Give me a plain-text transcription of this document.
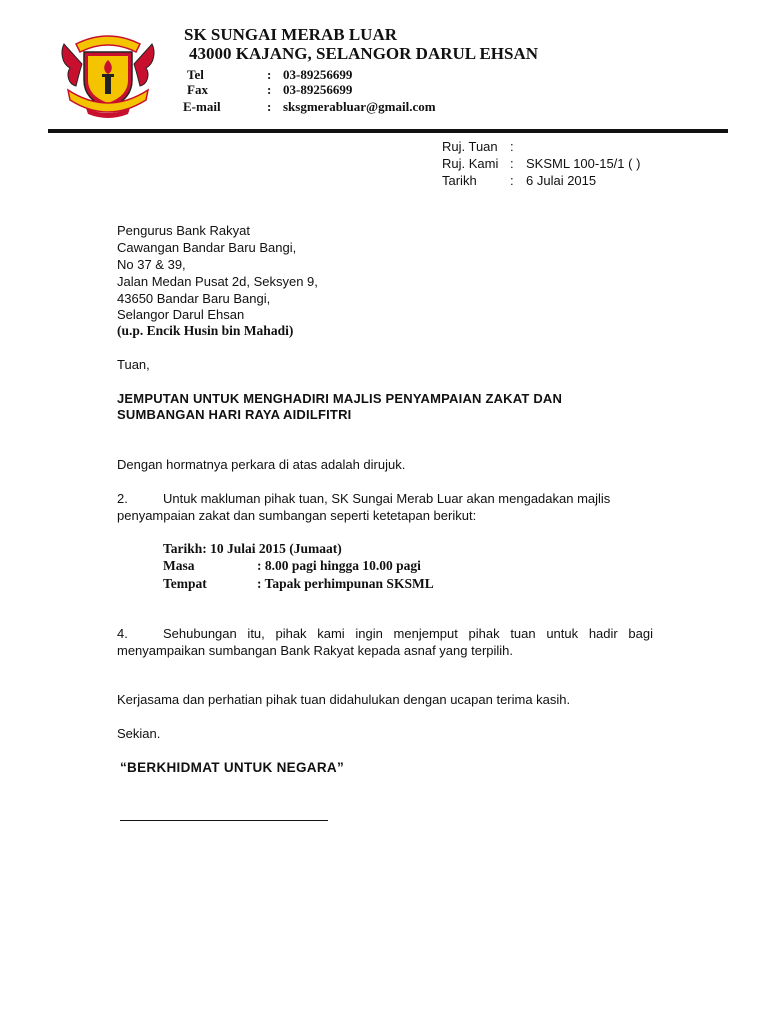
SK SUNGAI MERAB LUAR
43000 KAJANG, SELANGOR DARUL EHSAN
Tel	: 03-89256699
Fax	: 03-89256699
E-mail	: sksgmerabluar@gmail.com
Ruj. Tuan :
Ruj. Kami : SKSML 100-15/1 ( )
Tarikh	: 6 Julai 2015
Pengurus Bank Rakyat
Cawangan Bandar Baru Bangi,
No 37 & 39,
Jalan Medan Pusat 2d, Seksyen 9,
43650 Bandar Baru Bangi,
Selangor Darul Ehsan
(u.p. Encik Husin bin Mahadi)
Tuan,
JEMPUTAN UNTUK MENGHADIRI MAJLIS PENYAMPAIAN ZAKAT DAN
SUMBANGAN HARI RAYA AIDILFITRI
Dengan hormatnya perkara di atas adalah dirujuk.
2.	Untuk makluman pihak tuan, SK Sungai Merab Luar akan mengadakan majlis
penyampaian zakat dan sumbangan seperti ketetapan berikut:
Tarikh: 10 Julai 2015 (Jumaat)
Masa	: 8.00 pagi hingga 10.00 pagi
Tempat	: Tapak perhimpunan SKSML
4.	Sehubungan itu, pihak kami ingin menjemput pihak tuan untuk hadir bagi
menyampaikan sumbangan Bank Rakyat kepada asnaf yang terpilih.
Kerjasama dan perhatian pihak tuan didahulukan dengan ucapan terima kasih.
Sekian.
“BERKHIDMAT UNTUK NEGARA”
